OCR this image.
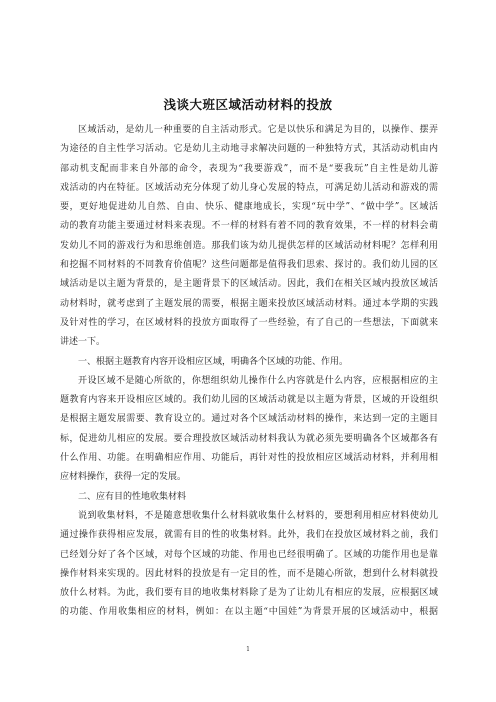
浅谈大班区域活动材料的投放

区域活动，是幼儿一种重要的自主活动形式。它是以快乐和满足为目的，以操作、摆弄

为途径的自主性学习活动。它是幼儿主动地寻求解决问题的一种独特方式，其活动动机由内

部动机支配而非来自外部的命令，表现为“我要游戏”，而不是“要我玩”自主性是幼儿游

戏活动的内在特征。区域活动充分体现了幼儿身心发展的特点，可满足幼儿活动和游戏的需

要，更好地促进幼儿自然、自由、快乐、健康地成长，实现“玩中学”、“做中学”。区域活

动的教育功能主要通过材料来表现。不一样的材料有着不同的教育效果，不一样的材料会萌

发幼儿不同的游戏行为和思维创造。那我们该为幼儿提供怎样的区域活动材料呢？怎样利用

和挖掘不同材料的不同教育价值呢？这些问题都是值得我们思索、探讨的。我们幼儿园的区

域活动是以主题为背景的，是主题背景下的区域活动。因此，我们在相关区域内投放区域活

动材料时，就考虑到了主题发展的需要，根据主题来投放区域活动材料。通过本学期的实践

及针对性的学习，在区域材料的投放方面取得了一些经验，有了自己的一些想法，下面就来

讲述一下。

一、根据主题教育内容开设相应区域，明确各个区域的功能、作用。

开设区域不是随心所欲的，你想组织幼儿操作什么内容就是什么内容，应根据相应的主

题教育内容来开设相应区域的。我们幼儿园的区域活动就是以主题为背景，区域的开设组织

是根据主题发展需要、教育设立的。通过对各个区域活动材料的操作，来达到一定的主题目

标，促进幼儿相应的发展。要合理投放区域活动材料我认为就必须先要明确各个区域都各有

什么作用、功能。在明确相应作用、功能后，再针对性的投放相应区域活动材料，并利用相

应材料操作，获得一定的发展。

二、应有目的性地收集材料

说到收集材料，不是随意想收集什么材料就收集什么材料的，要想利用相应材料使幼儿

通过操作获得相应发展，就需有目的性的收集材料。此外，我们在投放区域材料之前，我们

已经划分好了各个区域，对每个区域的功能、作用也已经很明确了。区域的功能作用也是靠

操作材料来实现的。因此材料的投放是有一定目的性，而不是随心所欲，想到什么材料就投

放什么材料。为此，我们要有目的地收集材料除了是为了让幼儿有相应的发展，应根据区域

的功能、作用收集相应的材料，例如：在以主题“中国娃”为背景开展的区域活动中，根据

1
